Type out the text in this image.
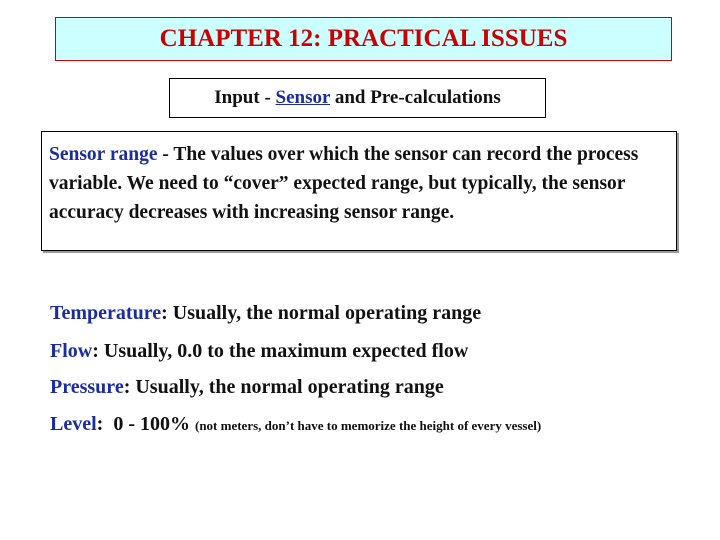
CHAPTER 12: PRACTICAL ISSUES
Input - Sensor and Pre-calculations
Sensor range - The values over which the sensor can record the process variable. We need to “cover” expected range, but typically, the sensor accuracy decreases with increasing sensor range.
Temperature: Usually, the normal operating range
Flow: Usually, 0.0 to the maximum expected flow
Pressure: Usually, the normal operating range
Level:  0 - 100% (not meters, don’t have to memorize the height of every vessel)
